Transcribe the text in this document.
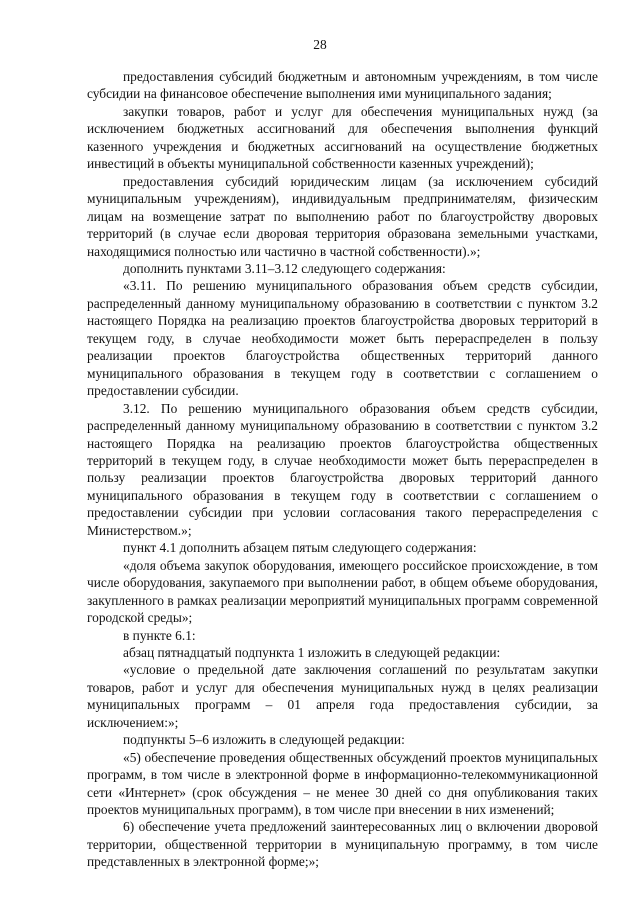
28

предоставления субсидий бюджетным и автономным учреждениям, в том числе субсидии на финансовое обеспечение выполнения ими муниципального задания;

закупки товаров, работ и услуг для обеспечения муниципальных нужд (за исключением бюджетных ассигнований для обеспечения выполнения функций казенного учреждения и бюджетных ассигнований на осуществление бюджетных инвестиций в объекты муниципальной собственности казенных учреждений);

предоставления субсидий юридическим лицам (за исключением субсидий муниципальным учреждениям), индивидуальным предпринимателям, физическим лицам на возмещение затрат по выполнению работ по благоустройству дворовых территорий (в случае если дворовая территория образована земельными участками, находящимися полностью или частично в частной собственности).»;

дополнить пунктами 3.11–3.12 следующего содержания:

«3.11. По решению муниципального образования объем средств субсидии, распределенный данному муниципальному образованию в соответствии с пунктом 3.2 настоящего Порядка на реализацию проектов благоустройства дворовых территорий в текущем году, в случае необходимости может быть перераспределен в пользу реализации проектов благоустройства общественных территорий данного муниципального образования в текущем году в соответствии с соглашением о предоставлении субсидии.

3.12. По решению муниципального образования объем средств субсидии, распределенный данному муниципальному образованию в соответствии с пунктом 3.2 настоящего Порядка на реализацию проектов благоустройства общественных территорий в текущем году, в случае необходимости может быть перераспределен в пользу реализации проектов благоустройства дворовых территорий данного муниципального образования в текущем году в соответствии с соглашением о предоставлении субсидии при условии согласования такого перераспределения с Министерством.»;

пункт 4.1 дополнить абзацем пятым следующего содержания:

«доля объема закупок оборудования, имеющего российское происхождение, в том числе оборудования, закупаемого при выполнении работ, в общем объеме оборудования, закупленного в рамках реализации мероприятий муниципальных программ современной городской среды»;

в пункте 6.1:

абзац пятнадцатый подпункта 1 изложить в следующей редакции:

«условие о предельной дате заключения соглашений по результатам закупки товаров, работ и услуг для обеспечения муниципальных нужд в целях реализации муниципальных программ – 01 апреля года предоставления субсидии, за исключением:»;

подпункты 5–6 изложить в следующей редакции:

«5) обеспечение проведения общественных обсуждений проектов муниципальных программ, в том числе в электронной форме в информационно-телекоммуникационной сети «Интернет» (срок обсуждения – не менее 30 дней со дня опубликования таких проектов муниципальных программ), в том числе при внесении в них изменений;

6) обеспечение учета предложений заинтересованных лиц о включении дворовой территории, общественной территории в муниципальную программу, в том числе представленных в электронной форме;»;
